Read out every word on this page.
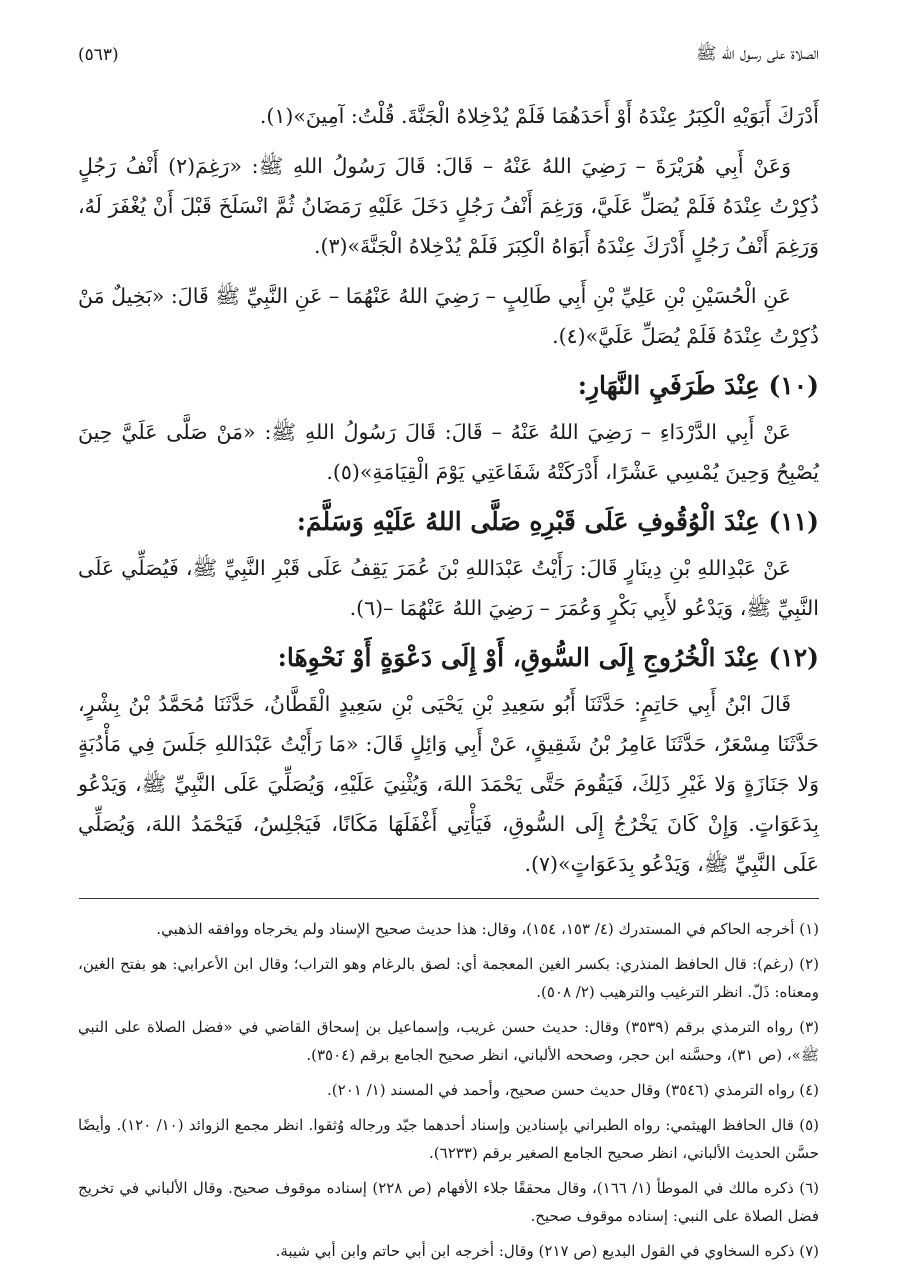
الصلاة على رسول الله ﷺ
(٥٦٣)

أَدْرَكَ أَبَوَيْهِ الْكِبَرُ عِنْدَهُ أَوْ أَحَدَهُمَا فَلَمْ يُدْخِلاهُ الْجَنَّةَ. قُلْتُ: آمِينَ»(١).

وَعَنْ أَبِي هُرَيْرَةَ – رَضِيَ اللهُ عَنْهُ – قَالَ: قَالَ رَسُولُ اللهِ ﷺ: «رَغِمَ(٢) أَنْفُ رَجُلٍ ذُكِرْتُ عِنْدَهُ فَلَمْ يُصَلِّ عَلَيَّ، وَرَغِمَ أَنْفُ رَجُلٍ دَخَلَ عَلَيْهِ رَمَضَانُ ثُمَّ انْسَلَخَ قَبْلَ أَنْ يُغْفَرَ لَهُ، وَرَغِمَ أَنْفُ رَجُلٍ أَدْرَكَ عِنْدَهُ أَبَوَاهُ الْكِبَرَ فَلَمْ يُدْخِلاهُ الْجَنَّةَ»(٣).

عَنِ الْحُسَيْنِ بْنِ عَلِيِّ بْنِ أَبِي طَالِبٍ – رَضِيَ اللهُ عَنْهُمَا – عَنِ النَّبِيِّ ﷺ قَالَ: «بَخِيلٌ مَنْ ذُكِرْتُ عِنْدَهُ فَلَمْ يُصَلِّ عَلَيَّ»(٤).

(١٠) عِنْدَ طَرَفَيِ النَّهَارِ:

عَنْ أَبِي الدَّرْدَاءِ – رَضِيَ اللهُ عَنْهُ – قَالَ: قَالَ رَسُولُ اللهِ ﷺ: «مَنْ صَلَّى عَلَيَّ حِينَ يُصْبِحُ وَحِينَ يُمْسِي عَشْرًا، أَدْرَكَتْهُ شَفَاعَتِي يَوْمَ الْقِيَامَةِ»(٥).

(١١) عِنْدَ الْوُقُوفِ عَلَى قَبْرِهِ صَلَّى اللهُ عَلَيْهِ وَسَلَّمَ:

عَنْ عَبْدِاللهِ بْنِ دِينَارٍ قَالَ: رَأَيْتُ عَبْدَاللهِ بْنَ عُمَرَ يَقِفُ عَلَى قَبْرِ النَّبِيِّ ﷺ، فَيُصَلِّي عَلَى النَّبِيِّ ﷺ، وَيَدْعُو لأَبِي بَكْرٍ وَعُمَرَ – رَضِيَ اللهُ عَنْهُمَا –(٦).

(١٢) عِنْدَ الْخُرُوجِ إِلَى السُّوقِ، أَوْ إِلَى دَعْوَةٍ أَوْ نَحْوِهَا:

قَالَ ابْنُ أَبِي حَاتِمٍ: حَدَّثَنَا أَبُو سَعِيدِ بْنِ يَحْيَى بْنِ سَعِيدٍ الْقَطَّانُ، حَدَّثَنَا مُحَمَّدُ بْنُ بِشْرٍ، حَدَّثَنَا مِسْعَرٌ، حَدَّثَنَا عَامِرُ بْنُ شَقِيقٍ، عَنْ أَبِي وَائِلٍ قَالَ: «مَا رَأَيْتُ عَبْدَاللهِ جَلَسَ فِي مَأْدُبَةٍ وَلا جَنَازَةٍ وَلا غَيْرِ ذَلِكَ، فَيَقُومَ حَتَّى يَحْمَدَ اللهَ، وَيُثْنِيَ عَلَيْهِ، وَيُصَلِّيَ عَلَى النَّبِيِّ ﷺ، وَيَدْعُو بِدَعَوَاتٍ. وَإِنْ كَانَ يَخْرُجُ إِلَى السُّوقِ، فَيَأْتِي أَغْفَلَهَا مَكَانًا، فَيَجْلِسُ، فَيَحْمَدُ اللهَ، وَيُصَلِّي عَلَى النَّبِيِّ ﷺ، وَيَدْعُو بِدَعَوَاتٍ»(٧).

(١) أخرجه الحاكم في المستدرك (٤/ ١٥٣، ١٥٤)، وقال: هذا حديث صحيح الإسناد ولم يخرجاه ووافقه الذهبي.

(٢) (رغم): قال الحافظ المنذري: بكسر الغين المعجمة أي: لصق بالرغام وهو التراب؛ وقال ابن الأعرابي: هو بفتح الغين، ومعناه: ذَلّ. انظر الترغيب والترهيب (٢/ ٥٠٨).

(٣) رواه الترمذي برقم (٣٥٣٩) وقال: حديث حسن غريب، وإسماعيل بن إسحاق القاضي في «فضل الصلاة على النبي ﷺ»، (ص ٣١)، وحسَّنه ابن حجر، وصححه الألباني، انظر صحيح الجامع برقم (٣٥٠٤).

(٤) رواه الترمذي (٣٥٤٦) وقال حديث حسن صحيح، وأحمد في المسند (١/ ٢٠١).

(٥) قال الحافظ الهيثمي: رواه الطبراني بإسنادين وإسناد أحدهما جيّد ورجاله وُثقوا. انظر مجمع الزوائد (١٠/ ١٢٠). وأيضًا حسَّن الحديث الألباني، انظر صحيح الجامع الصغير برقم (٦٢٣٣).

(٦) ذكره مالك في الموطأ (١/ ١٦٦)، وقال محققًا جلاء الأفهام (ص ٢٢٨) إسناده موقوف صحيح. وقال الألباني في تخريج فضل الصلاة على النبي: إسناده موقوف صحيح.

(٧) ذكره السخاوي في القول البديع (ص ٢١٧) وقال: أخرجه ابن أبي حاتم وابن أبي شيبة.
